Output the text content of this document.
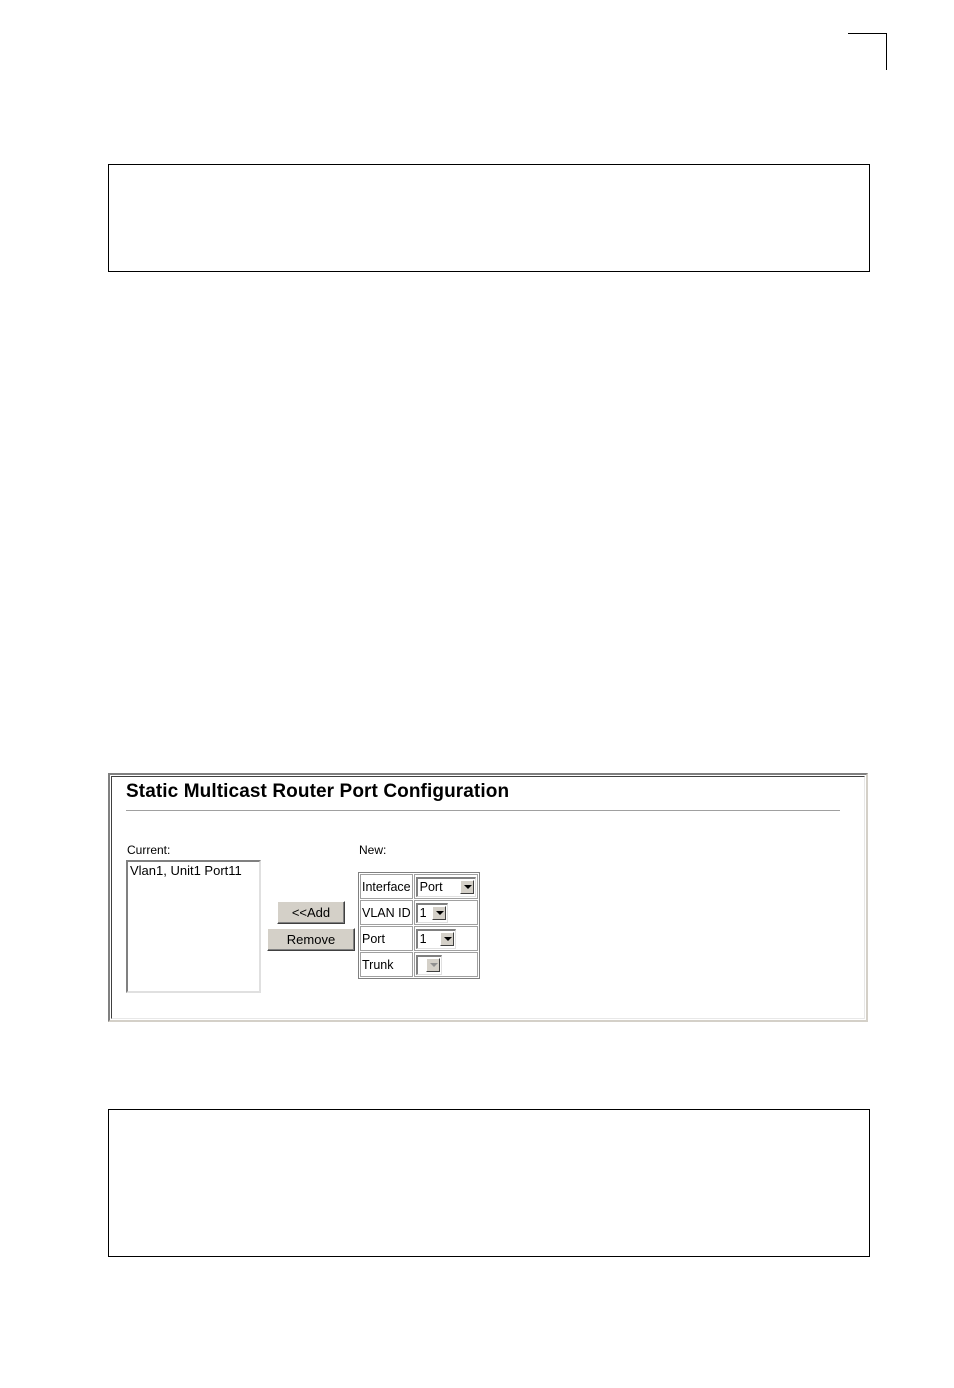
Static Multicast Router Port Configuration
Current:	New:
Vlan1, Unit1 Port11
<<Add
Remove
Interface	Port

VLAN ID	1

Port	1

Trunk	
